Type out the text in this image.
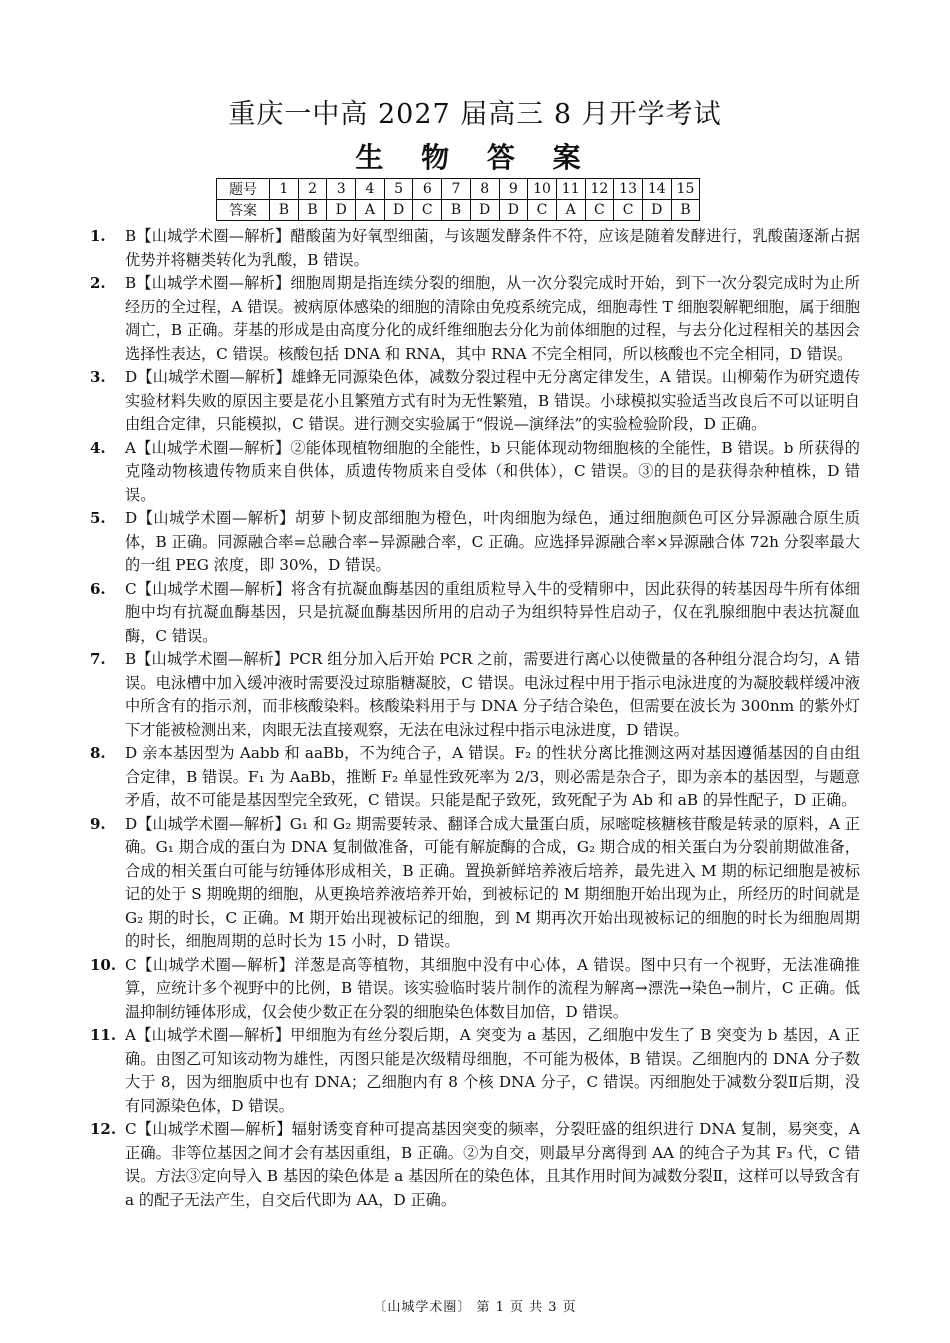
重庆一中高 2027 届高三 8 月开学考试
生 物 答 案
题号	1	2	3	4	5	6	7	8	9	10	11	12	13	14	15
答案	B	B	D	A	D	C	B	D	D	C	A	C	C	D	B
1.	B【山城学术圈—解析】醋酸菌为好氧型细菌，与该题发酵条件不符，应该是随着发酵进行，乳酸菌逐渐占据优势并将糖类转化为乳酸，B 错误。
2.	B【山城学术圈—解析】细胞周期是指连续分裂的细胞，从一次分裂完成时开始，到下一次分裂完成时为止所经历的全过程，A 错误。被病原体感染的细胞的清除由免疫系统完成，细胞毒性 T 细胞裂解靶细胞，属于细胞凋亡，B 正确。芽基的形成是由高度分化的成纤维细胞去分化为前体细胞的过程，与去分化过程相关的基因会选择性表达，C 错误。核酸包括 DNA 和 RNA，其中 RNA 不完全相同，所以核酸也不完全相同，D 错误。
3.	D【山城学术圈—解析】雄蜂无同源染色体，减数分裂过程中无分离定律发生，A 错误。山柳菊作为研究遗传实验材料失败的原因主要是花小且繁殖方式有时为无性繁殖，B 错误。小球模拟实验适当改良后不可以证明自由组合定律，只能模拟，C 错误。进行测交实验属于“假说—演绎法”的实验检验阶段，D 正确。
4.	A【山城学术圈—解析】②能体现植物细胞的全能性，b 只能体现动物细胞核的全能性，B 错误。b 所获得的克隆动物核遗传物质来自供体，质遗传物质来自受体（和供体），C 错误。③的目的是获得杂种植株，D 错误。
5.	D【山城学术圈—解析】胡萝卜韧皮部细胞为橙色，叶肉细胞为绿色，通过细胞颜色可区分异源融合原生质体，B 正确。同源融合率=总融合率−异源融合率，C 正确。应选择异源融合率×异源融合体 72h 分裂率最大的一组 PEG 浓度，即 30%，D 错误。
6.	C【山城学术圈—解析】将含有抗凝血酶基因的重组质粒导入牛的受精卵中，因此获得的转基因母牛所有体细胞中均有抗凝血酶基因，只是抗凝血酶基因所用的启动子为组织特异性启动子，仅在乳腺细胞中表达抗凝血酶，C 错误。
7.	B【山城学术圈—解析】PCR 组分加入后开始 PCR 之前，需要进行离心以使微量的各种组分混合均匀，A 错误。电泳槽中加入缓冲液时需要没过琼脂糖凝胶，C 错误。电泳过程中用于指示电泳进度的为凝胶载样缓冲液中所含有的指示剂，而非核酸染料。核酸染料用于与 DNA 分子结合染色，但需要在波长为 300nm 的紫外灯下才能被检测出来，肉眼无法直接观察，无法在电泳过程中指示电泳进度，D 错误。
8.	D 亲本基因型为 Aabb 和 aaBb，不为纯合子，A 错误。F₂ 的性状分离比推测这两对基因遵循基因的自由组合定律，B 错误。F₁ 为 AaBb，推断 F₂ 单显性致死率为 2/3，则必需是杂合子，即为亲本的基因型，与题意矛盾，故不可能是基因型完全致死，C 错误。只能是配子致死，致死配子为 Ab 和 aB 的异性配子，D 正确。
9.	D【山城学术圈—解析】G₁ 和 G₂ 期需要转录、翻译合成大量蛋白质，尿嘧啶核糖核苷酸是转录的原料，A 正确。G₁ 期合成的蛋白为 DNA 复制做准备，可能有解旋酶的合成，G₂ 期合成的相关蛋白为分裂前期做准备，合成的相关蛋白可能与纺锤体形成相关，B 正确。置换新鲜培养液后培养，最先进入 M 期的标记细胞是被标记的处于 S 期晚期的细胞，从更换培养液培养开始，到被标记的 M 期细胞开始出现为止，所经历的时间就是 G₂ 期的时长，C 正确。M 期开始出现被标记的细胞，到 M 期再次开始出现被标记的细胞的时长为细胞周期的时长，细胞周期的总时长为 15 小时，D 错误。
10. C【山城学术圈—解析】洋葱是高等植物，其细胞中没有中心体，A 错误。图中只有一个视野，无法准确推算，应统计多个视野中的比例，B 错误。该实验临时装片制作的流程为解离→漂洗→染色→制片，C 正确。低温抑制纺锤体形成，仅会使少数正在分裂的细胞染色体数目加倍，D 错误。
11. A【山城学术圈—解析】甲细胞为有丝分裂后期，A 突变为 a 基因，乙细胞中发生了 B 突变为 b 基因，A 正确。由图乙可知该动物为雄性，丙图只能是次级精母细胞，不可能为极体，B 错误。乙细胞内的 DNA 分子数大于 8，因为细胞质中也有 DNA；乙细胞内有 8 个核 DNA 分子，C 错误。丙细胞处于减数分裂Ⅱ后期，没有同源染色体，D 错误。
12. C【山城学术圈—解析】辐射诱变育种可提高基因突变的频率，分裂旺盛的组织进行 DNA 复制，易突变，A 正确。非等位基因之间才会有基因重组，B 正确。②为自交，则最早分离得到 AA 的纯合子为其 F₃ 代，C 错误。方法③定向导入 B 基因的染色体是 a 基因所在的染色体，且其作用时间为减数分裂Ⅱ，这样可以导致含有 a 的配子无法产生，自交后代即为 AA，D 正确。
〔山城学术圈〕 第 1 页 共 3 页
